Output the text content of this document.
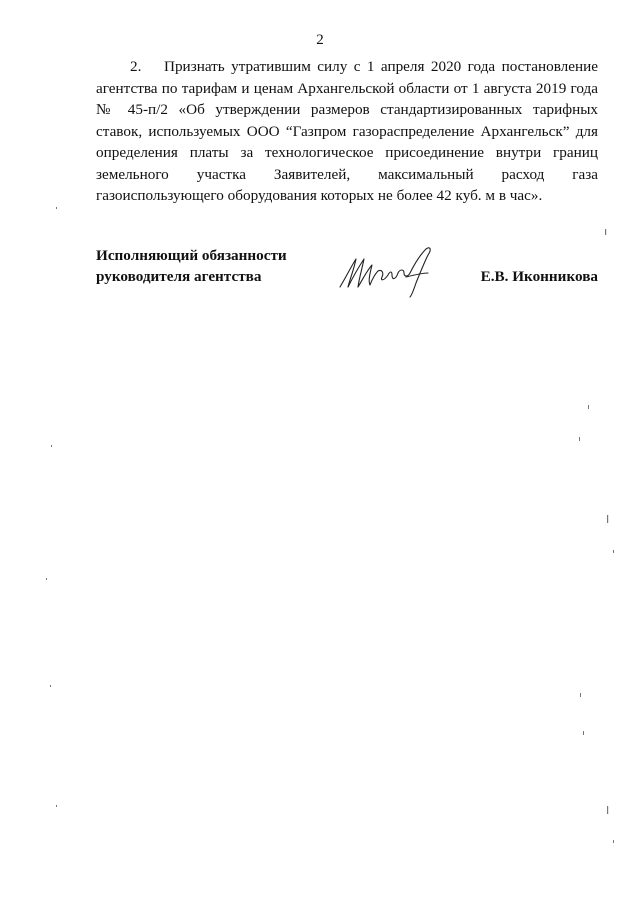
2
2. Признать утратившим силу с 1 апреля 2020 года постановление агентства по тарифам и ценам Архангельской области от 1 августа 2019 года № 45-п/2 «Об утверждении размеров стандартизированных тарифных ставок, используемых ООО “Газпром газораспределение Архангельск” для определения платы за технологическое присоединение внутри границ земельного участка Заявителей, максимальный расход газа газоиспользующего оборудования которых не более 42 куб. м в час».
Исполняющий обязанности
руководителя агентства	Е.В. Иконникова
